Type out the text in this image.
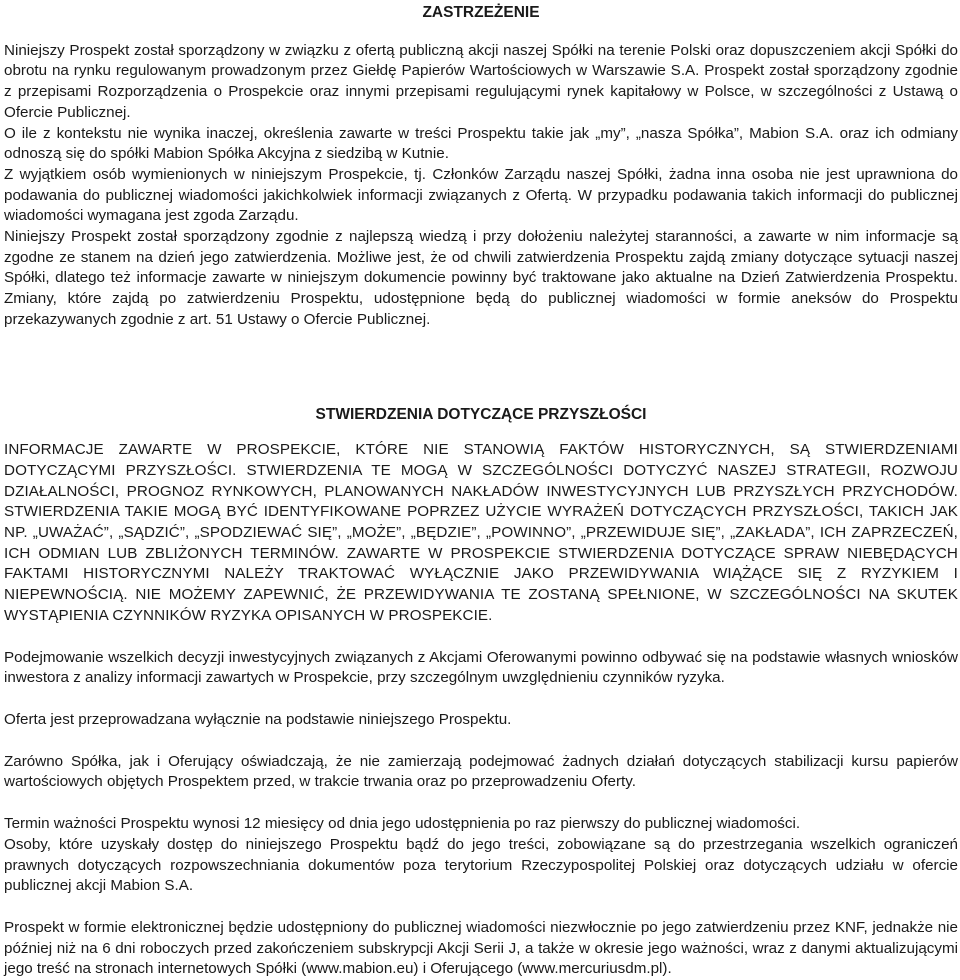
ZASTRZEŻENIE

Niniejszy Prospekt został sporządzony w związku z ofertą publiczną akcji naszej Spółki na terenie Polski oraz dopuszczeniem akcji Spółki do obrotu na rynku regulowanym prowadzonym przez Giełdę Papierów Wartościowych w Warszawie S.A. Prospekt został sporządzony zgodnie z przepisami Rozporządzenia o Prospekcie oraz innymi przepisami regulującymi rynek kapitałowy w Polsce, w szczególności z Ustawą o Ofercie Publicznej.

O ile z kontekstu nie wynika inaczej, określenia zawarte w treści Prospektu takie jak „my”, „nasza Spółka”, Mabion S.A. oraz ich odmiany odnoszą się do spółki Mabion Spółka Akcyjna z siedzibą w Kutnie.

Z wyjątkiem osób wymienionych w niniejszym Prospekcie, tj. Członków Zarządu naszej Spółki, żadna inna osoba nie jest uprawniona do podawania do publicznej wiadomości jakichkolwiek informacji związanych z Ofertą. W przypadku podawania takich informacji do publicznej wiadomości wymagana jest zgoda Zarządu.

Niniejszy Prospekt został sporządzony zgodnie z najlepszą wiedzą i przy dołożeniu należytej staranności, a zawarte w nim informacje są zgodne ze stanem na dzień jego zatwierdzenia. Możliwe jest, że od chwili zatwierdzenia Prospektu zajdą zmiany dotyczące sytuacji naszej Spółki, dlatego też informacje zawarte w niniejszym dokumencie powinny być traktowane jako aktualne na Dzień Zatwierdzenia Prospektu. Zmiany, które zajdą po zatwierdzeniu Prospektu, udostępnione będą do publicznej wiadomości w formie aneksów do Prospektu przekazywanych zgodnie z art. 51 Ustawy o Ofercie Publicznej.

STWIERDZENIA DOTYCZĄCE PRZYSZŁOŚCI

INFORMACJE ZAWARTE W PROSPEKCIE, KTÓRE NIE STANOWIĄ FAKTÓW HISTORYCZNYCH, SĄ STWIERDZENIAMI DOTYCZĄCYMI PRZYSZŁOŚCI. STWIERDZENIA TE MOGĄ W SZCZEGÓLNOŚCI DOTYCZYĆ NASZEJ STRATEGII, ROZWOJU DZIAŁALNOŚCI, PROGNOZ RYNKOWYCH, PLANOWANYCH NAKŁADÓW INWESTYCYJNYCH LUB PRZYSZŁYCH PRZYCHODÓW. STWIERDZENIA TAKIE MOGĄ BYĆ IDENTYFIKOWANE POPRZEZ UŻYCIE WYRAŻEŃ DOTYCZĄCYCH PRZYSZŁOŚCI, TAKICH JAK NP. „UWAŻAĆ”, „SĄDZIĆ”, „SPODZIEWAĆ SIĘ”, „MOŻE”, „BĘDZIE”, „POWINNO”, „PRZEWIDUJE SIĘ”, „ZAKŁADA”, ICH ZAPRZECZEŃ, ICH ODMIAN LUB ZBLIŻONYCH TERMINÓW. ZAWARTE W PROSPEKCIE STWIERDZENIA DOTYCZĄCE SPRAW NIEBĘDĄCYCH FAKTAMI HISTORYCZNYMI NALEŻY TRAKTOWAĆ WYŁĄCZNIE JAKO PRZEWIDYWANIA WIĄŻĄCE SIĘ Z RYZYKIEM I NIEPEWNOŚCIĄ. NIE MOŻEMY ZAPEWNIĆ, ŻE PRZEWIDYWANIA TE ZOSTANĄ SPEŁNIONE, W SZCZEGÓLNOŚCI NA SKUTEK WYSTĄPIENIA CZYNNIKÓW RYZYKA OPISANYCH W PROSPEKCIE.

Podejmowanie wszelkich decyzji inwestycyjnych związanych z Akcjami Oferowanymi powinno odbywać się na podstawie własnych wniosków inwestora z analizy informacji zawartych w Prospekcie, przy szczególnym uwzględnieniu czynników ryzyka.

Oferta jest przeprowadzana wyłącznie na podstawie niniejszego Prospektu.

Zarówno Spółka, jak i Oferujący oświadczają, że nie zamierzają podejmować żadnych działań dotyczących stabilizacji kursu papierów wartościowych objętych Prospektem przed, w trakcie trwania oraz po przeprowadzeniu Oferty.

Termin ważności Prospektu wynosi 12 miesięcy od dnia jego udostępnienia po raz pierwszy do publicznej wiadomości.

Osoby, które uzyskały dostęp do niniejszego Prospektu bądź do jego treści, zobowiązane są do przestrzegania wszelkich ograniczeń prawnych dotyczących rozpowszechniania dokumentów poza terytorium Rzeczypospolitej Polskiej oraz dotyczących udziału w ofercie publicznej akcji Mabion S.A.

Prospekt w formie elektronicznej będzie udostępniony do publicznej wiadomości niezwłocznie po jego zatwierdzeniu przez KNF, jednakże nie później niż na 6 dni roboczych przed zakończeniem subskrypcji Akcji Serii J, a także w okresie jego ważności, wraz z danymi aktualizującymi jego treść na stronach internetowych Spółki (www.mabion.eu) i Oferującego (www.mercuriusdm.pl).
